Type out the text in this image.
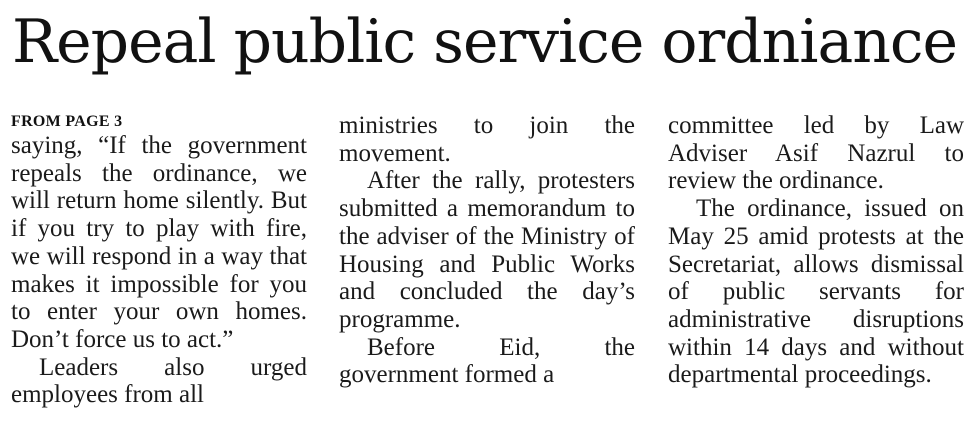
Repeal public service ordniance
FROM PAGE 3

saying, “If the government repeals the ordinance, we will return home silently. But if you try to play with fire, we will respond in a way that makes it impossible for you to enter your own homes. Don’t force us to act.”

Leaders also urged employees from all

ministries to join the movement.

After the rally, protesters submitted a memorandum to the adviser of the Ministry of Housing and Public Works and concluded the day’s programme.

Before Eid, the government formed a

committee led by Law Adviser Asif Nazrul to review the ordinance.

The ordinance, issued on May 25 amid protests at the Secretariat, allows dismissal of public servants for administrative disruptions within 14 days and without departmental proceedings.
